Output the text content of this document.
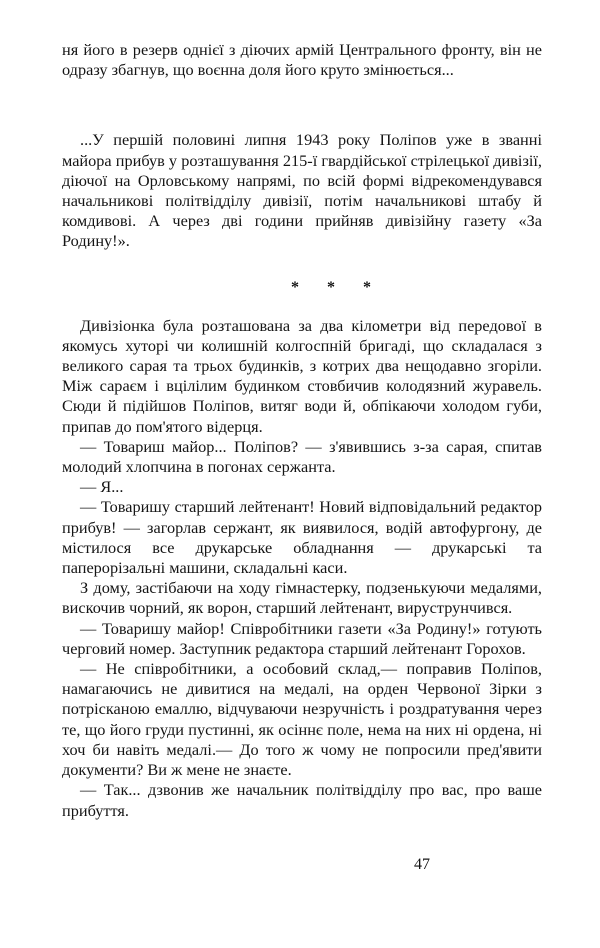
ня його в резерв однієї з діючих армій Центрального фронту, він не одразу збагнув, що воєнна доля його круто змінюється...

...У першій половині липня 1943 року Поліпов уже в званні майора прибув у розташування 215-ї гвардійської стрілецької дивізії, діючої на Орловському напрямі, по всій формі відрекомендувався начальникові політвідділу дивізії, потім начальникові штабу й комдивові. А через дві години прийняв дивізійну газету «За Родину!».

* * *

Дивізіонка була розташована за два кілометри від передової в якомусь хуторі чи колишній колгоспній бригаді, що складалася з великого сарая та трьох будинків, з котрих два нещодавно згоріли. Між сараєм і вцілілим будинком стовбичив колодязний журавель. Сюди й підійшов Поліпов, витяг води й, обпікаючи холодом губи, припав до пом'ятого відерця.

— Товариш майор... Поліпов? — з'явившись з-за сарая, спитав молодий хлопчина в погонах сержанта.

— Я...

— Товаришу старший лейтенант! Новий відповідальний редактор прибув! — загорлав сержант, як виявилося, водій автофургону, де містилося все друкарське обладнання — друкарські та паперорізальні машини, складальні каси.

З дому, застібаючи на ходу гімнастерку, подзенькуючи медалями, вискочив чорний, як ворон, старший лейтенант, вируструнчився.

— Товаришу майор! Співробітники газети «За Родину!» готують черговий номер. Заступник редактора старший лейтенант Горохов.

— Не співробітники, а особовий склад,— поправив Поліпов, намагаючись не дивитися на медалі, на орден Червоної Зірки з потрісканою емаллю, відчуваючи незручність і роздратування через те, що його груди пустинні, як осіннє поле, нема на них ні ордена, ні хоч би навіть медалі.— До того ж чому не попросили пред'явити документи? Ви ж мене не знаєте.

— Так... дзвонив же начальник політвідділу про вас, про ваше прибуття.

47
